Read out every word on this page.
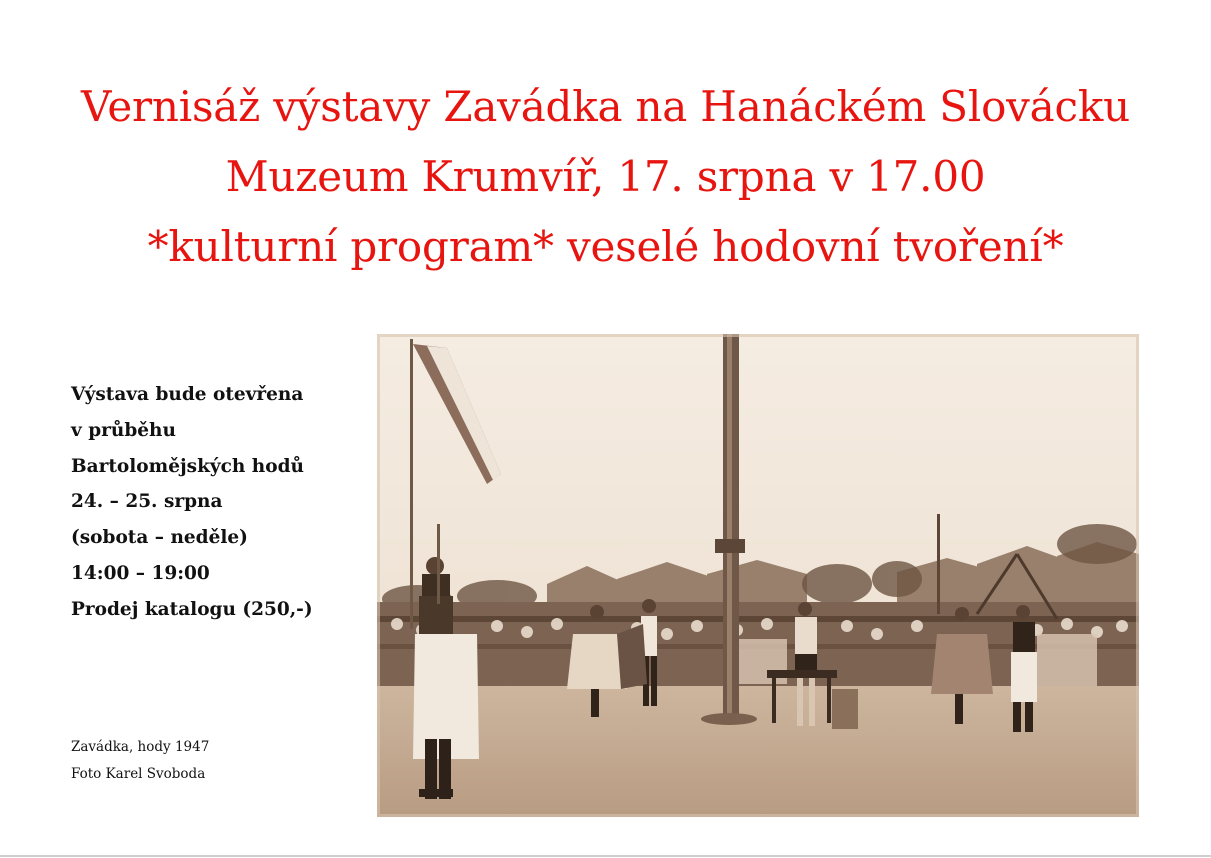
Vernisáž výstavy Zavádka na Hanáckém Slovácku
Muzeum Krumvíř, 17. srpna v 17.00
*kulturní program* veselé hodovní tvoření*
Výstava bude otevřena
v průběhu
Bartolomějských hodů
24. – 25. srpna
(sobota – neděle)
14:00 – 19:00
Prodej katalogu (250,-)
Zavádka, hody 1947
Foto Karel Svoboda
